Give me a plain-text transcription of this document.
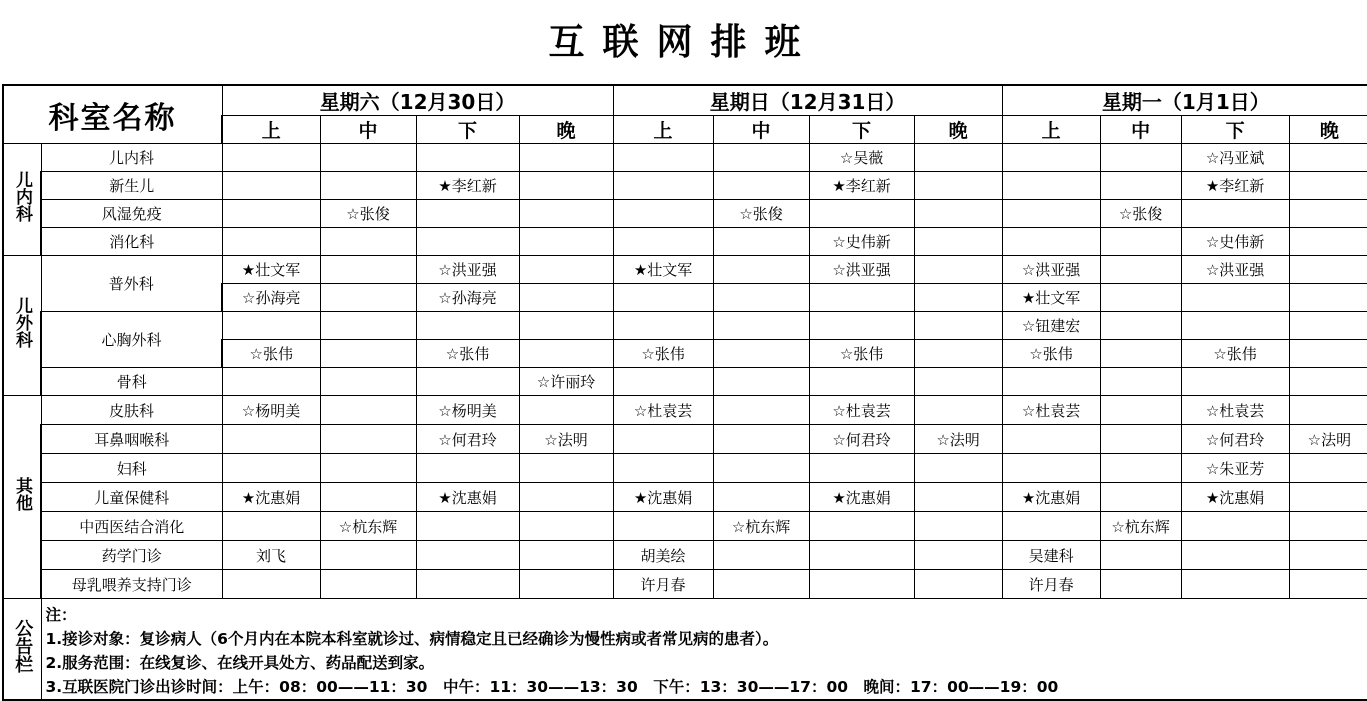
互联网排班
科室名称		星期六（12月30日）				星期日（12月31日）				星期一（1月1日）			
		上	中	下	晚	上	中	下	晚	上	中	下	晚
儿内科	儿内科							☆吴薇				☆冯亚斌	
	新生儿			★李红新				★李红新				★李红新	
	风湿免疫		☆张俊				☆张俊				☆张俊		
	消化科							☆史伟新				☆史伟新	
儿外科	普外科	★壮文军		☆洪亚强		★壮文军		☆洪亚强		☆洪亚强		☆洪亚强	
		☆孙海亮		☆孙海亮						★壮文军			
	心胸外科									☆钮建宏			
		☆张伟		☆张伟		☆张伟		☆张伟		☆张伟		☆张伟	
	骨科				☆许丽玲								
其他	皮肤科	☆杨明美		☆杨明美		☆杜袁芸		☆杜袁芸		☆杜袁芸		☆杜袁芸	
	耳鼻咽喉科			☆何君玲	☆法明			☆何君玲	☆法明			☆何君玲	☆法明
	妇科											☆朱亚芳	
	儿童保健科	★沈惠娟		★沈惠娟		★沈惠娟		★沈惠娟		★沈惠娟		★沈惠娟	
	中西医结合消化		☆杭东辉				☆杭东辉				☆杭东辉		
	药学门诊	刘飞				胡美绘				吴建科			
	母乳喂养支持门诊					许月春				许月春			
公告栏	注：
1.接诊对象：复诊病人（6个月内在本院本科室就诊过、病情稳定且已经确诊为慢性病或者常见病的患者）。
2.服务范围：在线复诊、在线开具处方、药品配送到家。
3.互联医院门诊出诊时间：上午：08：00——11：30　中午：11：30——13：30　下午：13：30——17：00　晚间：17：00——19：00												
